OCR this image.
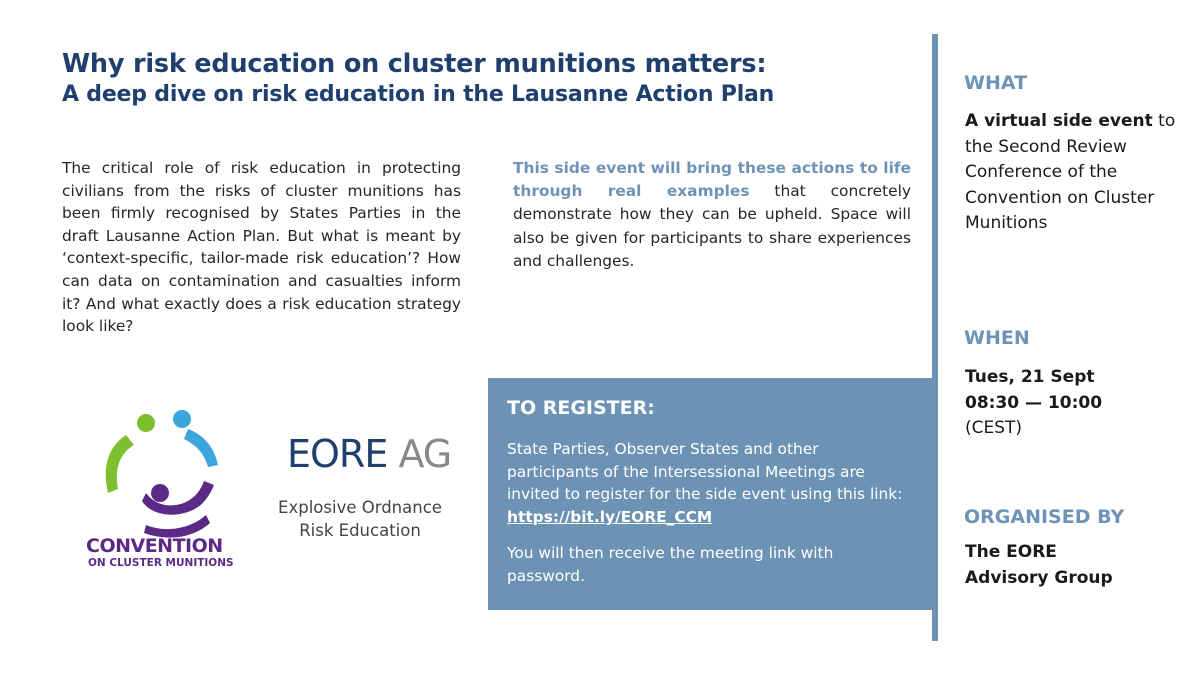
Why risk education on cluster munitions matters:
A deep dive on risk education in the Lausanne Action Plan
The critical role of risk education in protecting civilians from the risks of cluster munitions has been firmly recognised by States Parties in the draft Lausanne Action Plan. But what is meant by ‘context-specific, tailor-made risk education’? How can data on contamination and casualties inform it? And what exactly does a risk education strategy look like?
This side event will bring these actions to life through real examples that concretely demonstrate how they can be upheld. Space will also be given for participants to share experiences and challenges.
TO REGISTER:
State Parties, Observer States and other participants of the Intersessional Meetings are invited to register for the side event using this link: https://bit.ly/EORE_CCM
You will then receive the meeting link with password.
WHAT
A virtual side event to the Second Review Conference of the Convention on Cluster Munitions
WHEN
Tues, 21 Sept
08:30 — 10:00
(CEST)
ORGANISED BY
The EORE
Advisory Group
CONVENTION
ON CLUSTER MUNITIONS
EORE AG
Explosive Ordnance Risk Education
